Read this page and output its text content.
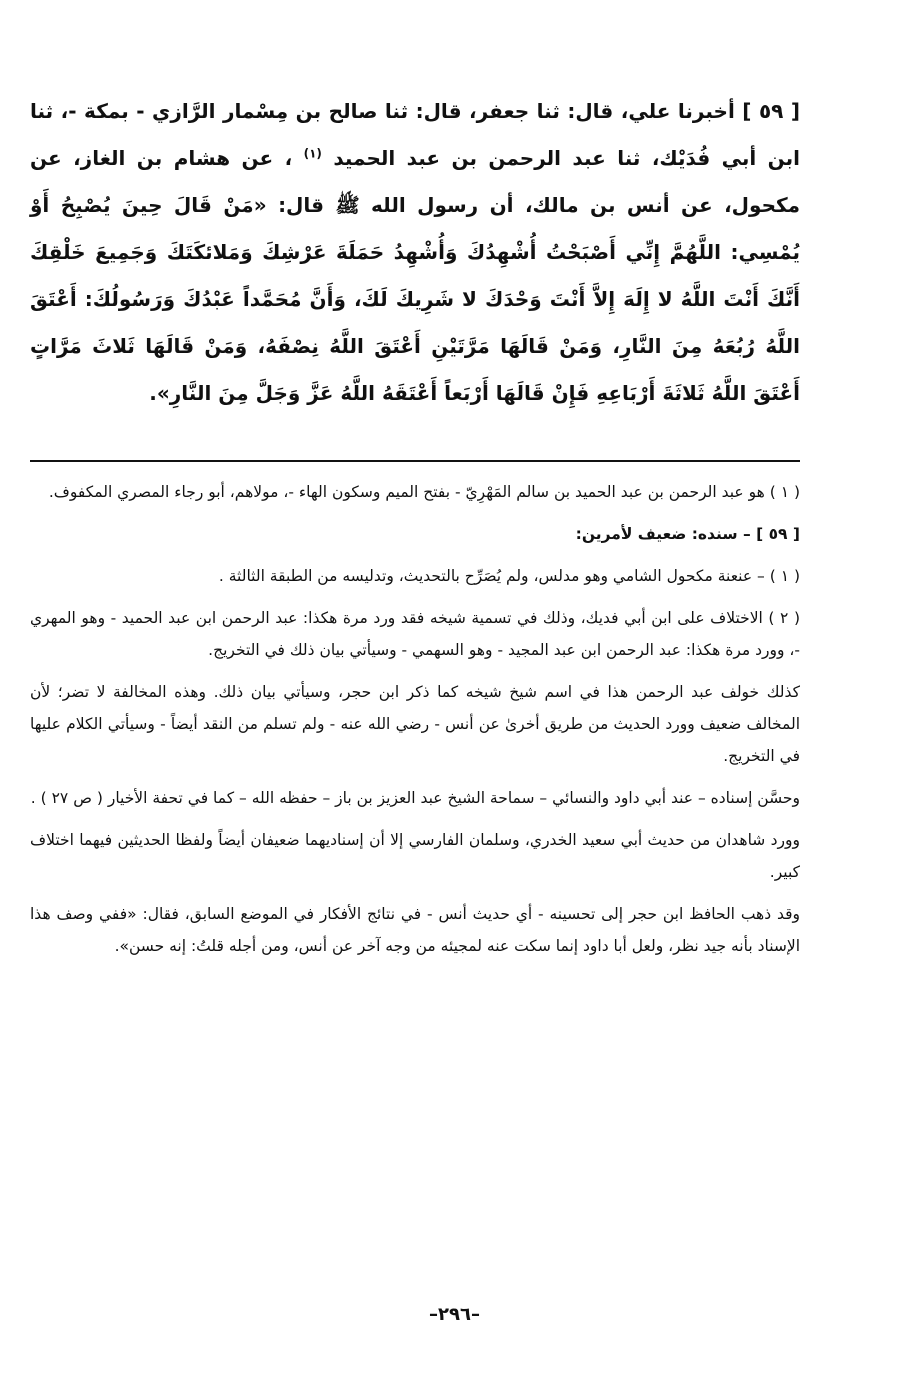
[ ٥٩ ] أخبرنا علي، قال: ثنا جعفر، قال: ثنا صالح بن مِسْمار الرَّازي - بمكة -، ثنا ابن أبي فُدَيْك، ثنا عبد الرحمن بن عبد الحميد $^{(١)}$ ، عن هشام بن الغاز، عن مكحول، عن أنس بن مالك، أن رسول الله ﷺ قال: «مَنْ قَالَ حِينَ يُصْبِحُ أَوْ يُمْسِي: اللَّهُمَّ إِنِّي أَصْبَحْتُ أُشْهِدُكَ وَأُشْهِدُ حَمَلَةَ عَرْشِكَ وَمَلائكَتَكَ وَجَمِيعَ خَلْقِكَ أَنَّكَ أَنْتَ اللَّهُ لا إِلَهَ إِلاَّ أَنْتَ وَحْدَكَ لا شَرِيكَ لَكَ، وَأَنَّ مُحَمَّداً عَبْدُكَ وَرَسُولُكَ: أَعْتَقَ اللَّهُ رُبُعَهُ مِنَ النَّارِ، وَمَنْ قَالَهَا مَرَّتَيْنِ أَعْتَقَ اللَّهُ نِصْفَهُ، وَمَنْ قَالَهَا ثَلاثَ مَرَّاتٍ أَعْتَقَ اللَّهُ ثَلاثَةَ أَرْبَاعِهِ فَإِنْ قَالَهَا أَرْبَعاً أَعْتَقَهُ اللَّهُ عَزَّ وَجَلَّ مِنَ النَّارِ».

( ١ ) هو عبد الرحمن بن عبد الحميد بن سالم المَهْرِيّ - بفتح الميم وسكون الهاء -، مولاهم، أبو رجاء المصري المكفوف.

[ ٥٩ ] – سنده: ضعيف لأمرين:

( ١ ) – عنعنة مكحول الشامي وهو مدلس، ولم يُصَرِّح بالتحديث، وتدليسه من الطبقة الثالثة .

( ٢ ) الاختلاف على ابن أبي فديك، وذلك في تسمية شيخه فقد ورد مرة هكذا: عبد الرحمن ابن عبد الحميد - وهو المهري -، وورد مرة هكذا: عبد الرحمن ابن عبد المجيد - وهو السهمي - وسيأتي بيان ذلك في التخريج.

كذلك خولف عبد الرحمن هذا في اسم شيخ شيخه كما ذكر ابن حجر، وسيأتي بيان ذلك. وهذه المخالفة لا تضر؛ لأن المخالف ضعيف وورد الحديث من طريق أخرىٰ عن أنس - رضي الله عنه - ولم تسلم من النقد أيضاً - وسيأتي الكلام عليها في التخريج.

وحسَّن إسناده – عند أبي داود والنسائي – سماحة الشيخ عبد العزيز بن باز – حفظه الله – كما في تحفة الأخيار ( ص ٢٧ ) .

وورد شاهدان من حديث أبي سعيد الخدري، وسلمان الفارسي إلا أن إسناديهما ضعيفان أيضاً ولفظا الحديثين فيهما اختلاف كبير.

وقد ذهب الحافظ ابن حجر إلى تحسينه - أي حديث أنس - في نتائج الأفكار في الموضع السابق، فقال: «ففي وصف هذا الإسناد بأنه جيد نظر، ولعل أبا داود إنما سكت عنه لمجيئه من وجه آخر عن أنس، ومن أجله قلتُ: إنه حسن».

–٢٩٦–
